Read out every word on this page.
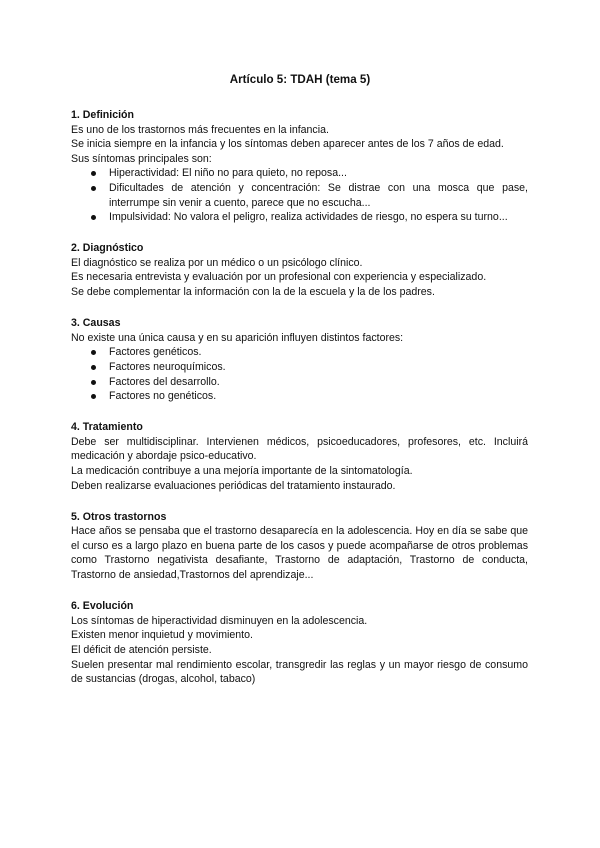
Artículo 5: TDAH (tema 5)
1. Definición

Es uno de los trastornos más frecuentes en la infancia.

Se inicia siempre en la infancia y los síntomas deben aparecer antes de los 7 años de edad.

Sus síntomas principales son:

Hiperactividad: El niño no para quieto, no reposa...
Dificultades de atención y concentración: Se distrae con una mosca que pase, interrumpe sin venir a cuento, parece que no escucha...
Impulsividad: No valora el peligro, realiza actividades de riesgo, no espera su turno...
2. Diagnóstico

El diagnóstico se realiza por un médico o un psicólogo clínico.

Es necesaria entrevista y evaluación por un profesional con experiencia y especializado.

Se debe complementar la información con la de la escuela y la de los padres.

3. Causas

No existe una única causa y en su aparición influyen distintos factores:

Factores genéticos.
Factores neuroquímicos.
Factores del desarrollo.
Factores no genéticos.
4. Tratamiento

Debe ser multidisciplinar. Intervienen médicos, psicoeducadores, profesores, etc. Incluirá medicación y abordaje psico-educativo.

La medicación contribuye a una mejoría importante de la sintomatología.

Deben realizarse evaluaciones periódicas del tratamiento instaurado.

5. Otros trastornos

Hace años se pensaba que el trastorno desaparecía en la adolescencia. Hoy en día se sabe que el curso es a largo plazo en buena parte de los casos y puede acompañarse de otros problemas como Trastorno negativista desafiante, Trastorno de adaptación, Trastorno de conducta, Trastorno de ansiedad,Trastornos del aprendizaje...

6. Evolución

Los síntomas de hiperactividad disminuyen en la adolescencia.

Existen menor inquietud y movimiento.

El déficit de atención persiste.

Suelen presentar mal rendimiento escolar, transgredir las reglas y un mayor riesgo de consumo de sustancias (drogas, alcohol, tabaco)
